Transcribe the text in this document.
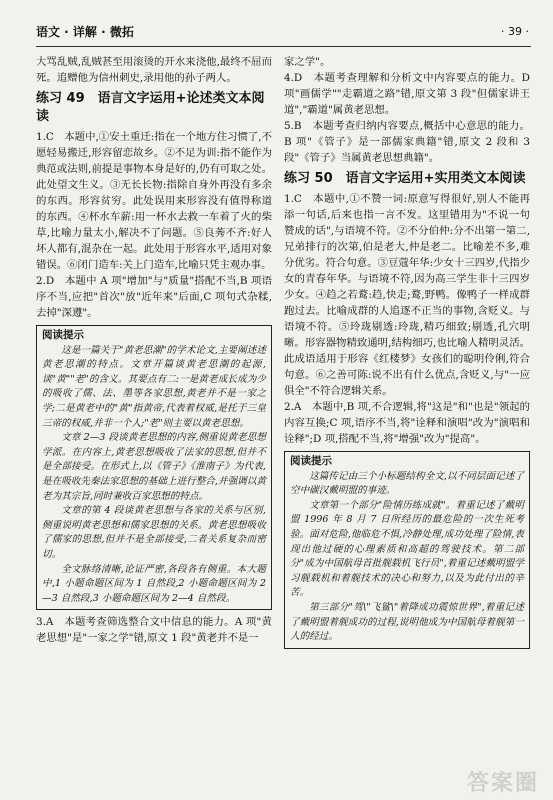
语文 · 详解 · 微拓	· 39 ·

大骂乱贼,乱贼甚至用滚烫的开水来浇他,最终不屈而死。追赠他为信州刺史,录用他的孙子两人。

练习 49　语言文字运用+论述类文本阅读

1.C　本题中,①安土重迁:指在一个地方住习惯了,不愿轻易搬迁,形容留恋故乡。②不足为训:指不能作为典范或法则,前提是事物本身是好的,仍有可取之处。此处望文生义。③无长长物:指除自身外再没有多余的东西。形容贫穷。此处误用来形容没有值得称道的东西。④杯水车薪:用一杯水去救一车着了火的柴草,比喻力量太小,解决不了问题。⑤良莠不齐:好人坏人都有,混杂在一起。此处用于形容水平,适用对象错误。⑥闭门造车:关上门造车,比喻只凭主观办事。

2.D　本题中 A 项"增加"与"质量"搭配不当,B 项语序不当,应把"首次"放"近年来"后面,C 项句式杂糅,去掉"深遵"。

阅读提示

这是一篇关于"黄老思潮"的学术论文,主要阐述述黄老思潮的特点。文章开篇谈黄老思潮的起源,谈"黄""老"的含义。其要点有二:一是黄老成长成为少的吸收了儒、法、墨等各家思想,黄老并不是一家之学;二是黄老中的"黄"指黄帝,代表着权威,是托于三皇三帝的权威,并非一个人;"老"则主要以黄老思想。

文章 2—3 段谈黄老思想的内容,侧重说黄老思想学派。在内容上,黄老思想吸收了法家的思想,但并不是全部接受。在形式上,以《管子》《淮南子》为代表,是在吸收先秦法家思想的基础上进行整合,并强调以黄老为其宗旨,同时兼收百家思想的特点。

文章的第 4 段谈黄老思想与各家的关系与区别,侧重说明黄老思想和儒家思想的关系。黄老思想吸收了儒家的思想,但并不是全部接受,二者关系复杂而密切。

全文脉络清晰,论证严密,各段各有侧重。本大题中,1 小题命题区间为 1 自然段,2 小题命题区间为 2—3 自然段,3 小题命题区间为 2—4 自然段。

3.A　本题考查筛选整合文中信息的能力。A 项"黄老思想"是"一家之学"错,原文 1 段"黄老并不是一

家之学"。

4.D　本题考查理解和分析文中内容要点的能力。D 项"画儒学""走霸道之路"错,原文第 3 段"但儒家讲王道","霸道"属黄老思想。

5.B　本题考查归纳内容要点,概括中心意思的能力。B 项"《管子》是一部儒家典籍"错,原文 2 段和 3 段"《管子》当属黄老思想典籍"。

练习 50　语言文字运用+实用类文本阅读

1.C　本题中,①不赞一词:原意写得很好,别人不能再添一句话,后来也指一言不发。这里错用为"不说一句赞成的话",与语境不符。②不分伯仲:分不出第一第二,兄弟排行的次第,伯是老大,仲是老二。比喻差不多,难分优劣。符合句意。③豆蔻年华:少女十三四岁,代指少女的青春年华。与语境不符,因为高三学生非十三四岁少女。④趋之若鹜:趋,快走;鹜,野鸭。像鸭子一样成群跑过去。比喻成群的人追逐不正当的事物,含贬义。与语境不符。⑤玲珑剔透:玲珑,精巧细致;剔透,孔穴明晰。形容器物精致通明,结构细巧,也比喻人精明灵活。此成语适用于形容《红楼梦》女孩们的聪明伶俐,符合句意。⑥之善可陈:说不出有什么优点,含贬义,与"一应俱全"不符合逻辑关系。

2.A　本题中,B 项,不合逻辑,将"这是"和"也是"领起的内容互换;C 项,语序不当,将"诠释和演唱"改为"演唱和诠释";D 项,搭配不当,将"增强"改为"提高"。

阅读提示

这篇传记由三个小标题结构全文,以不同层面记述了空中碳汉戴明盟的事迹。

文章第一个部分"险情历练成就"。着重记述了戴明盟 1996 年 8 月 7 日所经历的最危险的一次生死考验。面对危险,他临危不惧,冷静处理,成功处理了险情,表现出他过硬的心理素质和高超的驾驶技术。第二部分"成为中国航母首批舰载机飞行员",着重记述戴明盟学习舰载机和着舰技术的决心和努力,以及为此付出的辛苦。

第三部分"驾\"飞鲨\"着降成功震惊世界",着重记述了戴明盟着舰成功的过程,说明他成为中国航母着舰第一人的经过。

答案圈
